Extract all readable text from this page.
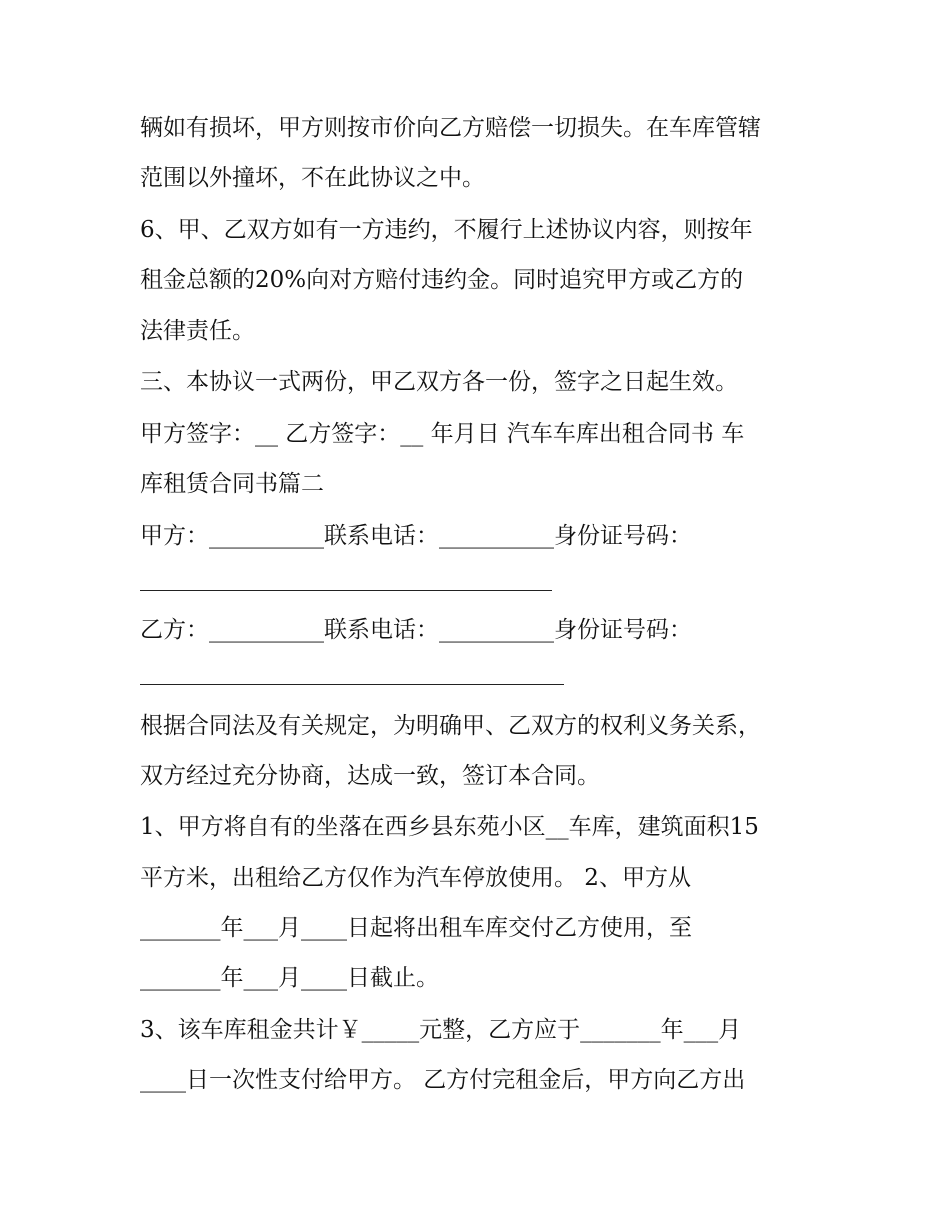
辆如有损坏，甲方则按市价向乙方赔偿一切损失。在车库管辖

范围以外撞坏，不在此协议之中。

6、甲、乙双方如有一方违约，不履行上述协议内容，则按年

租金总额的20%向对方赔付违约金。同时追究甲方或乙方的

法律责任。

三、本协议一式两份，甲乙双方各一份，签字之日起生效。

甲方签字：__ 乙方签字：__ 年月日 汽车车库出租合同书 车

库租赁合同书篇二

甲方：__________联系电话：__________身份证号码：

乙方：__________联系电话：__________身份证号码：

根据合同法及有关规定，为明确甲、乙双方的权利义务关系，

双方经过充分协商，达成一致，签订本合同。

1、甲方将自有的坐落在西乡县东苑小区__车库，建筑面积15

平方米，出租给乙方仅作为汽车停放使用。 2、甲方从

_______年___月____日起将出租车库交付乙方使用，至

_______年___月____日截止。

3、该车库租金共计￥_____元整，乙方应于_______年___月

____日一次性支付给甲方。 乙方付完租金后，甲方向乙方出
